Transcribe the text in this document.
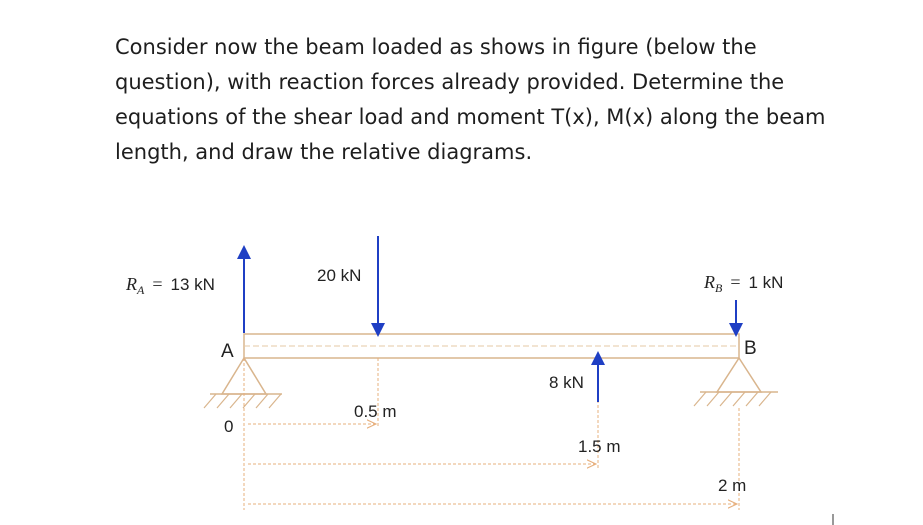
Consider now the beam loaded as shows in figure (below the question), with reaction forces already provided. Determine the equations of the shear load and moment T(x), M(x) along the beam length, and draw the relative diagrams.

$R_A = 13$ kN	$R_B = 1$ kN
20 kN
8 kN
A	B
0
0.5 m
1.5 m
2 m
